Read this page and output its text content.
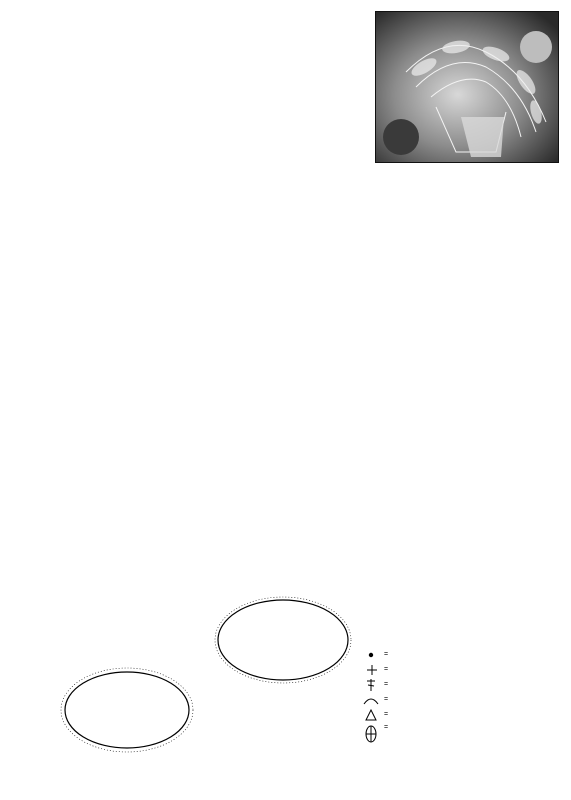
=
=
=
=
=
=
